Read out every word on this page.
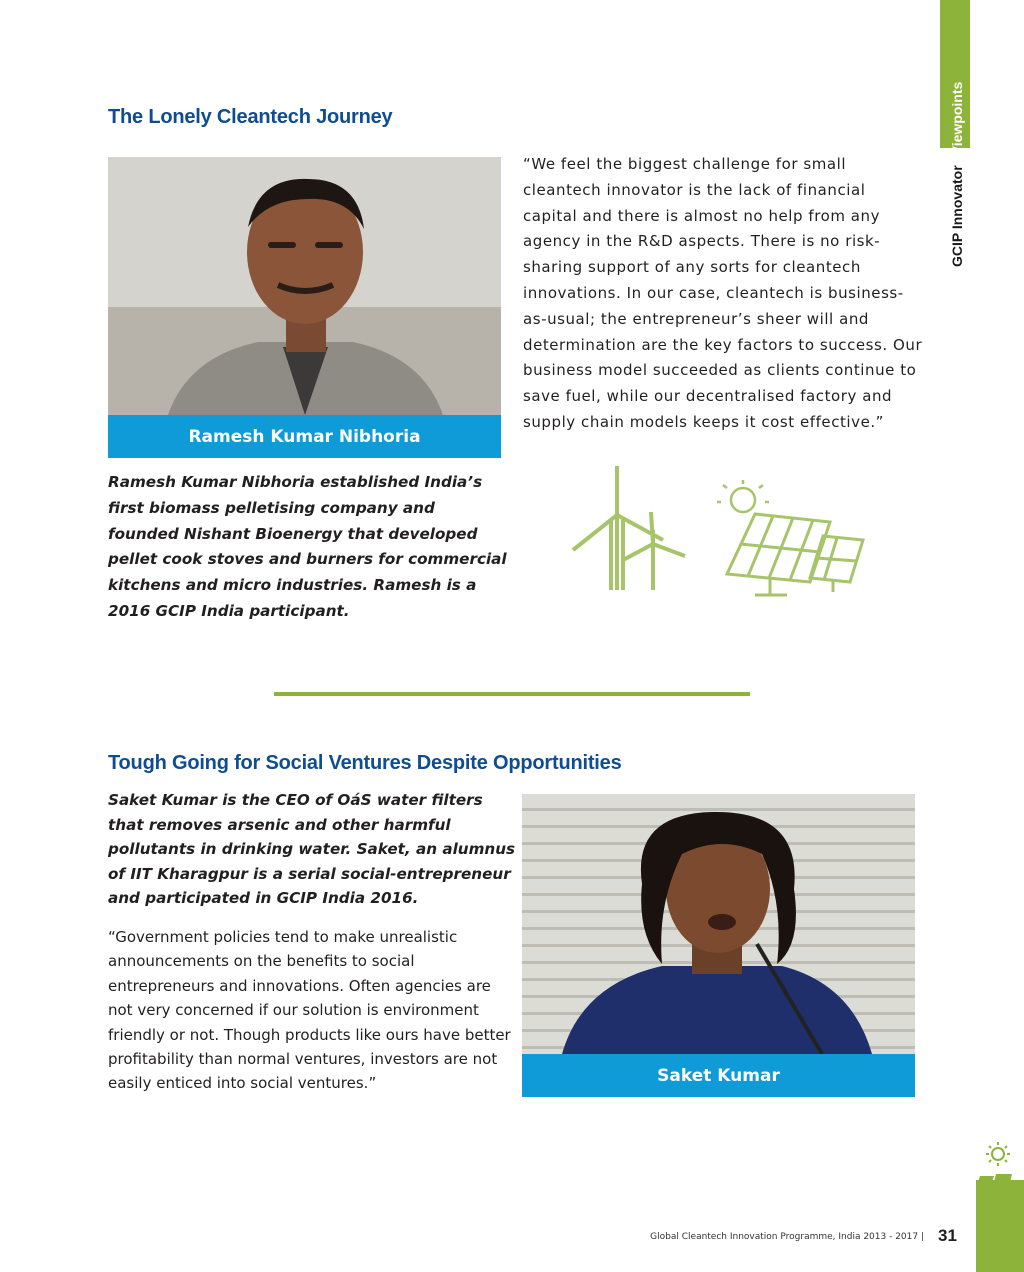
GCIP InnovatorViewpoints
The Lonely Cleantech Journey
Ramesh Kumar Nibhoria
“We feel the biggest challenge for small cleantech innovator is the lack of financial capital and there is almost no help from any agency in the R&D aspects. There is no risk-sharing support of any sorts for cleantech innovations. In our case, cleantech is business-as-usual; the entrepreneur’s sheer will and determination are the key factors to success. Our business model succeeded as clients continue to save fuel, while our decentralised factory and supply chain models keeps it cost effective.”
Ramesh Kumar Nibhoria established India’s first biomass pelletising company and founded Nishant Bioenergy that developed pellet cook stoves and burners for commercial kitchens and micro industries. Ramesh is a 2016 GCIP India participant.
Tough Going for Social Ventures Despite Opportunities
Saket Kumar is the CEO of OáS water filters that removes arsenic and other harmful pollutants in drinking water. Saket, an alumnus of IIT Kharagpur is a serial social-entrepreneur and participated in GCIP India 2016.
“Government policies tend to make unrealistic announcements on the benefits to social entrepreneurs and innovations. Often agencies are not very concerned if our solution is environment friendly or not. Though products like ours have better profitability than normal ventures, investors are not easily enticed into social ventures.”	Saket Kumar
Global Cleantech Innovation Programme, India 2013 - 2017 | 31
